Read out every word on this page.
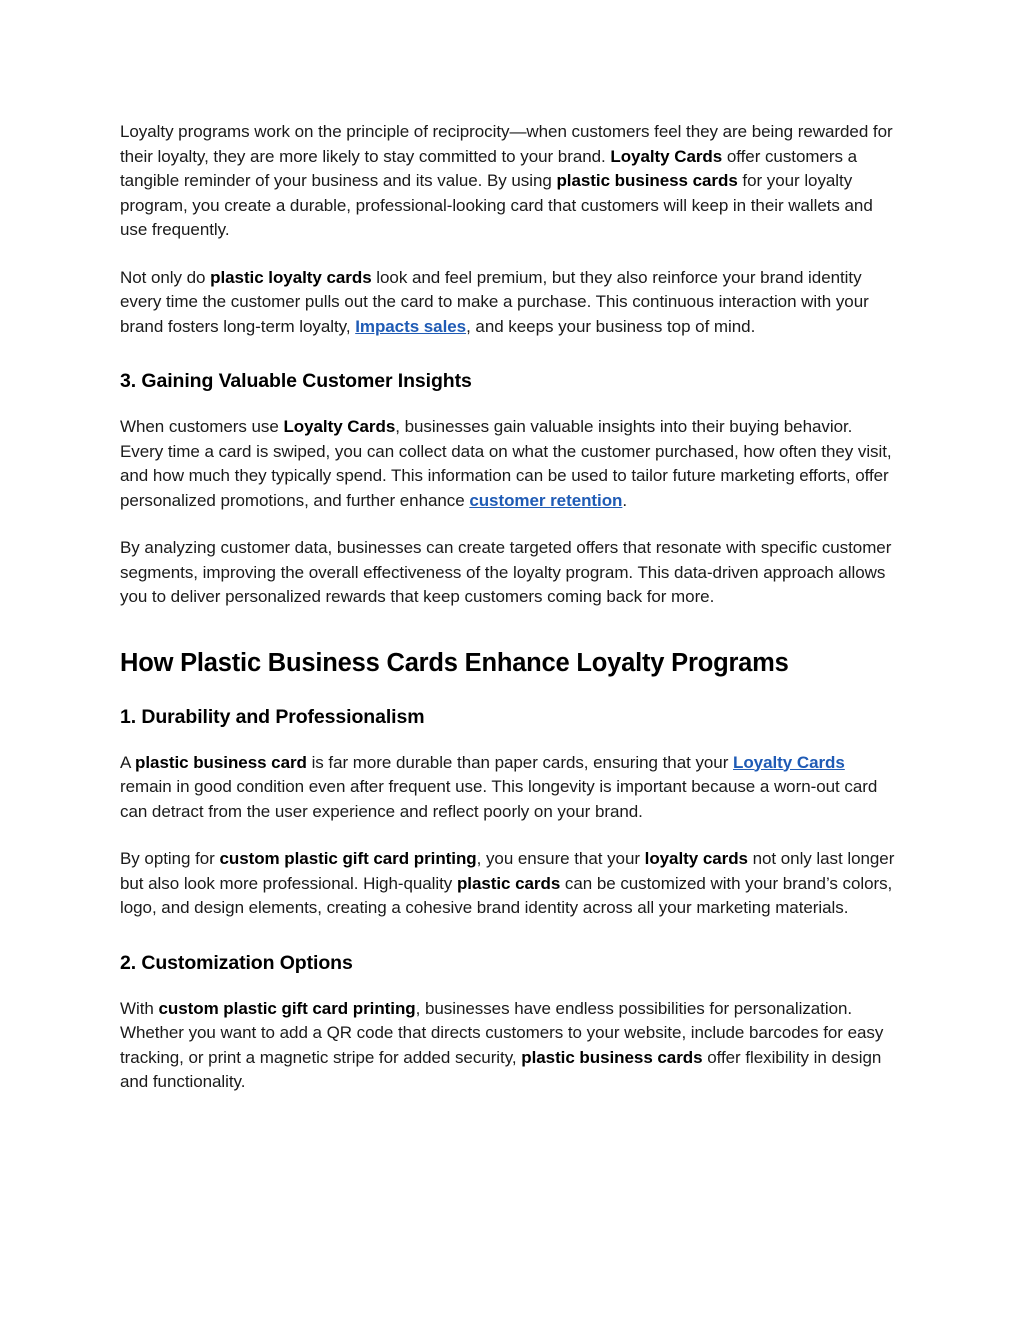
Loyalty programs work on the principle of reciprocity—when customers feel they are being rewarded for their loyalty, they are more likely to stay committed to your brand. Loyalty Cards offer customers a tangible reminder of your business and its value. By using plastic business cards for your loyalty program, you create a durable, professional-looking card that customers will keep in their wallets and use frequently.

Not only do plastic loyalty cards look and feel premium, but they also reinforce your brand identity every time the customer pulls out the card to make a purchase. This continuous interaction with your brand fosters long-term loyalty, Impacts sales, and keeps your business top of mind.

3. Gaining Valuable Customer Insights

When customers use Loyalty Cards, businesses gain valuable insights into their buying behavior. Every time a card is swiped, you can collect data on what the customer purchased, how often they visit, and how much they typically spend. This information can be used to tailor future marketing efforts, offer personalized promotions, and further enhance customer retention.

By analyzing customer data, businesses can create targeted offers that resonate with specific customer segments, improving the overall effectiveness of the loyalty program. This data-driven approach allows you to deliver personalized rewards that keep customers coming back for more.

How Plastic Business Cards Enhance Loyalty Programs
1. Durability and Professionalism

A plastic business card is far more durable than paper cards, ensuring that your Loyalty Cards remain in good condition even after frequent use. This longevity is important because a worn-out card can detract from the user experience and reflect poorly on your brand.

By opting for custom plastic gift card printing, you ensure that your loyalty cards not only last longer but also look more professional. High-quality plastic cards can be customized with your brand’s colors, logo, and design elements, creating a cohesive brand identity across all your marketing materials.

2. Customization Options

With custom plastic gift card printing, businesses have endless possibilities for personalization. Whether you want to add a QR code that directs customers to your website, include barcodes for easy tracking, or print a magnetic stripe for added security, plastic business cards offer flexibility in design and functionality.
